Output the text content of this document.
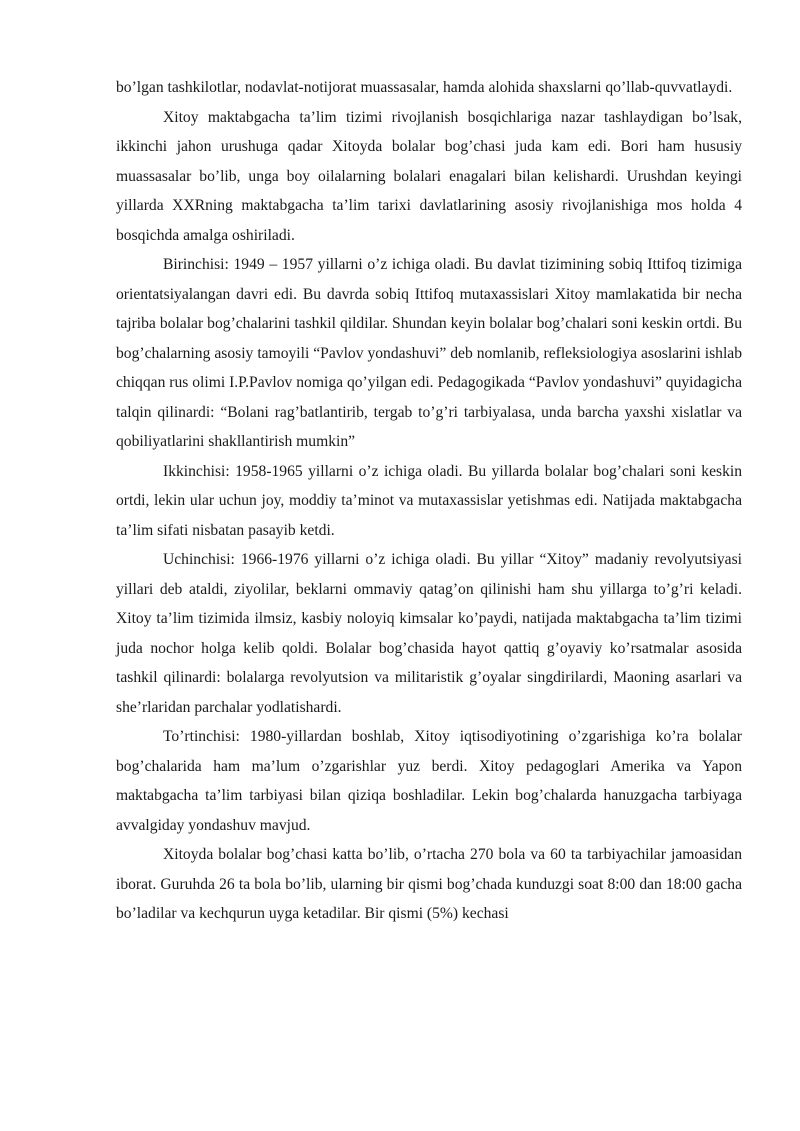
bo’lgan tashkilotlar, nodavlat-notijorat muassasalar, hamda alohida shaxslarni qo’llab-quvvatlaydi.

Xitoy maktabgacha ta’lim tizimi rivojlanish bosqichlariga nazar tashlaydigan bo’lsak, ikkinchi jahon urushuga qadar Xitoyda bolalar bog’chasi juda kam edi. Bori ham hususiy muassasalar bo’lib, unga boy oilalarning bolalari enagalari bilan kelishardi. Urushdan keyingi yillarda XXRning maktabgacha ta’lim tarixi davlatlarining asosiy rivojlanishiga mos holda 4 bosqichda amalga oshiriladi.

Birinchisi: 1949 – 1957 yillarni o’z ichiga oladi. Bu davlat tizimining sobiq Ittifoq tizimiga orientatsiyalangan davri edi. Bu davrda sobiq Ittifoq mutaxassislari Xitoy mamlakatida bir necha tajriba bolalar bog’chalarini tashkil qildilar. Shundan keyin bolalar bog’chalari soni keskin ortdi. Bu bog’chalarning asosiy tamoyili “Pavlov yondashuvi” deb nomlanib, refleksiologiya asoslarini ishlab chiqqan rus olimi I.P.Pavlov nomiga qo’yilgan edi. Pedagogikada “Pavlov yondashuvi” quyidagicha talqin qilinardi: “Bolani rag’batlantirib, tergab to’g’ri tarbiyalasa, unda barcha yaxshi xislatlar va qobiliyatlarini shakllantirish mumkin”

Ikkinchisi: 1958-1965 yillarni o’z ichiga oladi. Bu yillarda bolalar bog’chalari soni keskin ortdi, lekin ular uchun joy, moddiy ta’minot va mutaxassislar yetishmas edi. Natijada maktabgacha ta’lim sifati nisbatan pasayib ketdi.

Uchinchisi: 1966-1976 yillarni o’z ichiga oladi. Bu yillar “Xitoy” madaniy revolyutsiyasi yillari deb ataldi, ziyolilar, beklarni ommaviy qatag’on qilinishi ham shu yillarga to’g’ri keladi. Xitoy ta’lim tizimida ilmsiz, kasbiy noloyiq kimsalar ko’paydi, natijada maktabgacha ta’lim tizimi juda nochor holga kelib qoldi. Bolalar bog’chasida hayot qattiq g’oyaviy ko’rsatmalar asosida tashkil qilinardi: bolalarga revolyutsion va militaristik g’oyalar singdirilardi, Maoning asarlari va she’rlaridan parchalar yodlatishardi.

To’rtinchisi: 1980-yillardan boshlab, Xitoy iqtisodiyotining o’zgarishiga ko’ra bolalar bog’chalarida ham ma’lum o’zgarishlar yuz berdi. Xitoy pedagoglari Amerika va Yapon maktabgacha ta’lim tarbiyasi bilan qiziqa boshladilar. Lekin bog’chalarda hanuzgacha tarbiyaga avvalgiday yondashuv mavjud.

Xitoyda bolalar bog’chasi katta bo’lib, o’rtacha 270 bola va 60 ta tarbiyachilar jamoasidan iborat. Guruhda 26 ta bola bo’lib, ularning bir qismi bog’chada kunduzgi soat 8:00 dan 18:00 gacha bo’ladilar va kechqurun uyga ketadilar. Bir qismi (5%) kechasi
